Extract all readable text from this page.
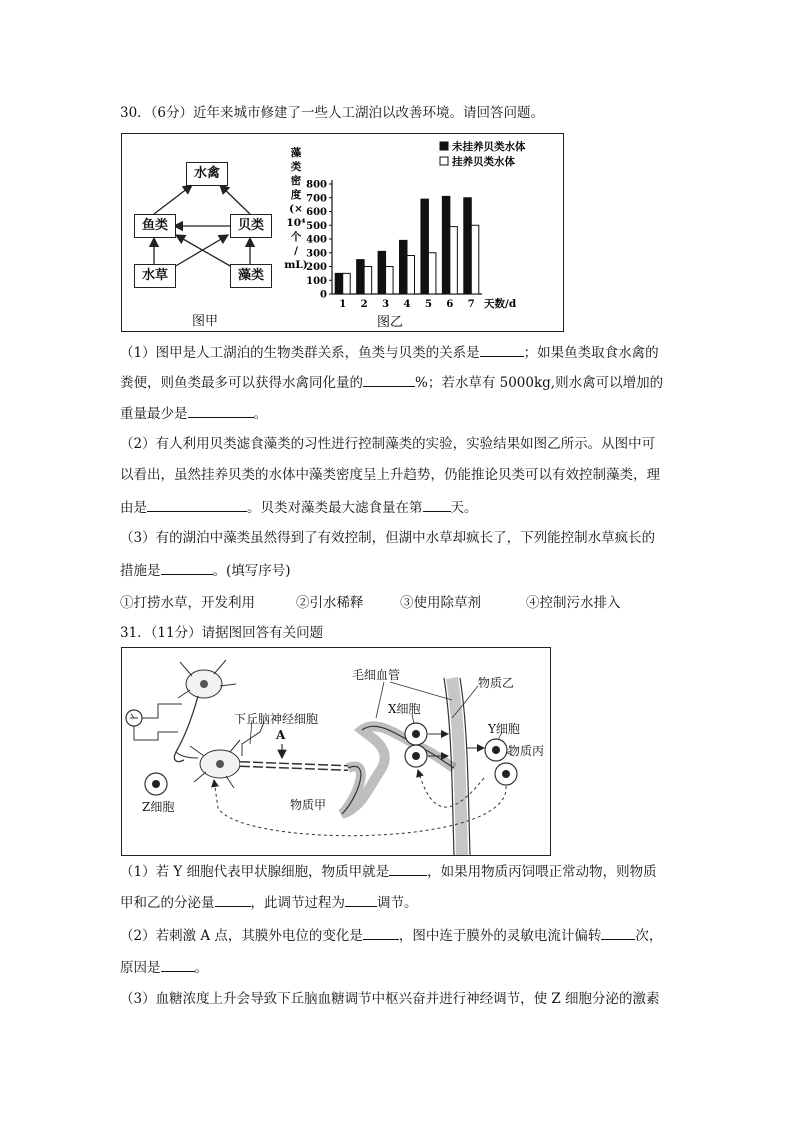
30．（6分）近年来城市修建了一些人工湖泊以改善环境。请回答问题。
水禽
鱼类	贝类
水草	藻类
图甲
0
100
200
300
400
500
600
700
800
藻类密度(× 10⁴ 个/ mL)
1 2 3 4 5 6 7 天数/d
未挂养贝类水体
挂养贝类水体
图乙
（1）图甲是人工湖泊的生物类群关系，鱼类与贝类的关系是	；如果鱼类取食水禽的
粪便，则鱼类最多可以获得水禽同化量的	%；若水草有 5000kg,则水禽可以增加的
重量最少是	。
（2）有人利用贝类滤食藻类的习性进行控制藻类的实验，实验结果如图乙所示。从图中可
以看出，虽然挂养贝类的水体中藻类密度呈上升趋势，仍能推论贝类可以有效控制藻类，理
由是	。贝类对藻类最大滤食量在第 天。
（3）有的湖泊中藻类虽然得到了有效控制，但湖中水草却疯长了，下列能控制水草疯长的
措施是	。(填写序号)
①打捞水草，开发利用	②引水稀释	③使用除草剂	④控制污水排入
31．（11分）请据图回答有关问题
毛细血管
下丘脑神经细胞
X细胞
物质乙
Y细胞
物质丙
A
物质甲
Z细胞
（1）若 Y 细胞代表甲状腺细胞，物质甲就是	，如果用物质丙饲喂正常动物，则物质
甲和乙的分泌量	，此调节过程为 调节。
（2）若刺激 A 点，其膜外电位的变化是	，图中连于膜外的灵敏电流计偏转	次，
原因是	。
（3）血糖浓度上升会导致下丘脑血糖调节中枢兴奋并进行神经调节，使 Z 细胞分泌的激素
